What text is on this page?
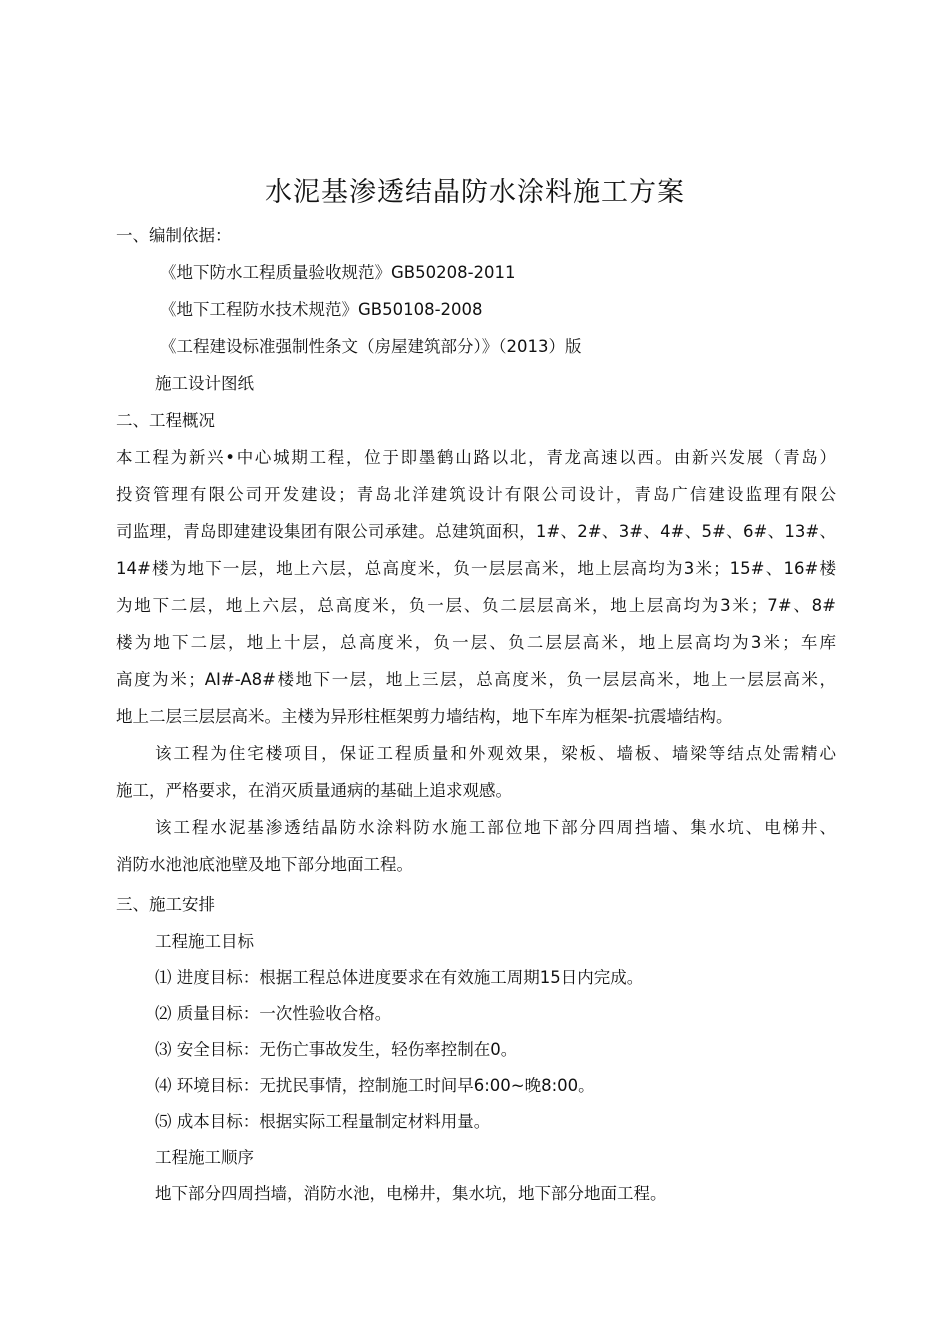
水泥基渗透结晶防水涂料施工方案
一、编制依据：
《地下防水工程质量验收规范》GB50208-2011
《地下工程防水技术规范》GB50108-2008
《工程建设标准强制性条文（房屋建筑部分）》（2013）版
施工设计图纸
二、工程概况
本工程为新兴•中心城期工程，位于即墨鹤山路以北，青龙高速以西。由新兴发展（青岛）
投资管理有限公司开发建设；青岛北洋建筑设计有限公司设计，青岛广信建设监理有限公
司监理，青岛即建建设集团有限公司承建。总建筑面积，1#、2#、3#、4#、5#、6#、13#、
14#楼为地下一层，地上六层，总高度米，负一层层高米，地上层高均为3米；15#、16#楼
为地下二层，地上六层，总高度米，负一层、负二层层高米，地上层高均为3米；7#、8#
楼为地下二层，地上十层，总高度米，负一层、负二层层高米，地上层高均为3米；车库
高度为米；AI#-A8#楼地下一层，地上三层，总高度米，负一层层高米，地上一层层高米，
地上二层三层层高米。主楼为异形柱框架剪力墙结构，地下车库为框架-抗震墙结构。
该工程为住宅楼项目，保证工程质量和外观效果，梁板、墙板、墙梁等结点处需精心
施工，严格要求，在消灭质量通病的基础上追求观感。
该工程水泥基渗透结晶防水涂料防水施工部位地下部分四周挡墙、集水坑、电梯井、
消防水池池底池壁及地下部分地面工程。
三、施工安排
工程施工目标
⑴ 进度目标：根据工程总体进度要求在有效施工周期15日内完成。
⑵ 质量目标：一次性验收合格。
⑶ 安全目标：无伤亡事故发生，轻伤率控制在0。
⑷ 环境目标：无扰民事情，控制施工时间早6:00~晚8:00。
⑸ 成本目标：根据实际工程量制定材料用量。
工程施工顺序
地下部分四周挡墙，消防水池，电梯井，集水坑，地下部分地面工程。
